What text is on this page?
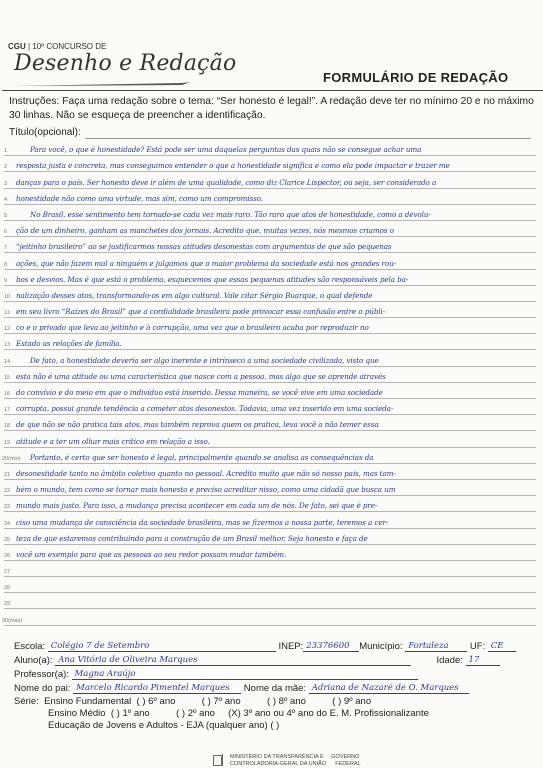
CGU | 10º CONCURSO DE
Desenho e Redação
FORMULÁRIO DE REDAÇÃO
Instruções: Faça uma redação sobre o tema: “Ser honesto é legal!”. A redação deve ter no mínimo 20 e no máximo 30 linhas. Não se esqueça de preencher a identificação.
Título(opcional):
1	Para você, o que é honestidade? Está pode ser uma daquelas perguntas das quais não se consegue achar uma
2	resposta justa e concreta, mas conseguimos entender o que a honestidade significa e como ela pode impactar e trazer me
3	danças para o país. Ser honesto deve ir além de uma qualidade, como diz Clarice Lispector, ou seja, ser considerado a
4	honestidade não como uma virtude, mas sim, como um compromisso.
5	No Brasil, esse sentimento tem tornado-se cada vez mais raro. Tão raro que atos de honestidade, como a devolu-
6	ção de um dinheiro, ganham as manchetes dos jornais. Acredito que, muitas vezes, nós mesmos criamos o
7	“jeitinho brasileiro” ao se justificarmos nossas atitudes desonestas com argumentos de que são pequenas
8	ações, que não fazem mal a ninguém e julgamos que o maior problema da sociedade está nos grandes rou-
9	bos e desvios. Mas é que está o problema, esquecemos que essas pequenas atitudes são responsáveis pela ba-
10 nalização desses atos, transformando-os em algo cultural. Vale citar Sérgio Buarque, o qual defende
11 em seu livro “Raízes do Brasil” que a cordialidade brasileira pode provocar essa confusão entre o públi-
12 co e o privado que leva ao jeitinho e à corrupção, uma vez que o brasileiro acaba por reproduzir no
13 Estado as relações de família.
14	De fato, a honestidade deveria ser algo inerente e intrínseco a uma sociedade civilizada, visto que
15 esta não é uma atitude ou uma característica que nasce com a pessoa, mas algo que se aprende através
16 do convívio e do meio em que o indivíduo está inserido. Dessa maneira, se você vive em uma sociedade
17 corrupta, possui grande tendência a cometer atos desonestos. Todavia, uma vez inserido em uma socieda-
18 de que não se não pratica tais atos, mas também reprova quem os pratica, leva você a não temer essa
19 atitude e a ter um olhar mais crítico em relação a isso.
20(min) Portanto, é certo que ser honesto é legal, principalmente quando se analisa as consequências da
21 desonestidade tanto no âmbito coletivo quanto no pessoal. Acredito muito que não só nosso país, mas tam-
22 bém o mundo, tem como se tornar mais honesto e preciso acreditar nisso, como uma cidadã que busca um
23 mundo mais justo. Para isso, a mudança precisa acontecer em cada um de nós. De fato, sei que é pre-
24 ciso uma mudança de consciência da sociedade brasileira, mas se fizermos a nossa parte, teremos a cer-
25 teza de que estaremos contribuindo para a construção de um Brasil melhor. Seja honesto e faça de
26 você um exemplo para que as pessoas ao seu redor possam mudar também.
27
28
29
30(max)
Escola: Colégio 7 de Setembro	INEP: 23376600 Município: Fortaleza UF: CE
Aluno(a): Ana Vitória de Oliveira Marques	Idade: 17
Professor(a): Magna Araújo
Nome do pai: Marcelo Ricardo Pimentel Marques Nome da mãe: Adriana de Nazaré de O. Marques
Série: Ensino Fundamental ( ) 6º ano          ( ) 7º ano          ( ) 8º ano          ( ) 9º ano
Ensino Médio ( ) 1º ano          ( ) 2º ano     (X) 3º ano ou 4º ano do E. M. Profissionalizante
Educação de Jovens e Adultos - EJA (qualquer ano) ( )
MINISTÉRIO DA TRANSPARÊNCIA E     GOVERNO
CONTROLADORIA-GERAL DA UNIÃO      FEDERAL
